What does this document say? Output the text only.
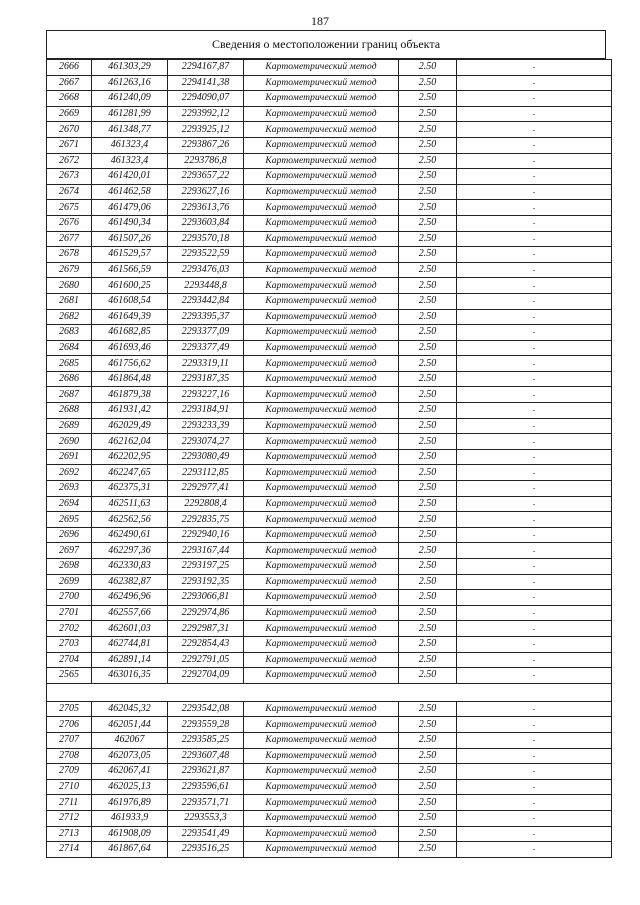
187
Сведения о местоположении границ объекта
2666	461303,29	2294167,87	Картометрический метод	2.50	-
2667	461263,16	2294141,38	Картометрический метод	2.50	-
2668	461240,09	2294090,07	Картометрический метод	2.50	-
2669	461281,99	2293992,12	Картометрический метод	2.50	-
2670	461348,77	2293925,12	Картометрический метод	2.50	-
2671	461323,4	2293867,26	Картометрический метод	2.50	-
2672	461323,4	2293786,8	Картометрический метод	2.50	-
2673	461420,01	2293657,22	Картометрический метод	2.50	-
2674	461462,58	2293627,16	Картометрический метод	2.50	-
2675	461479,06	2293613,76	Картометрический метод	2.50	-
2676	461490,34	2293603,84	Картометрический метод	2.50	-
2677	461507,26	2293570,18	Картометрический метод	2.50	-
2678	461529,57	2293522,59	Картометрический метод	2.50	-
2679	461566,59	2293476,03	Картометрический метод	2.50	-
2680	461600,25	2293448,8	Картометрический метод	2.50	-
2681	461608,54	2293442,84	Картометрический метод	2.50	-
2682	461649,39	2293395,37	Картометрический метод	2.50	-
2683	461682,85	2293377,09	Картометрический метод	2.50	-
2684	461693,46	2293377,49	Картометрический метод	2.50	-
2685	461756,62	2293319,11	Картометрический метод	2.50	-
2686	461864,48	2293187,35	Картометрический метод	2.50	-
2687	461879,38	2293227,16	Картометрический метод	2.50	-
2688	461931,42	2293184,91	Картометрический метод	2.50	-
2689	462029,49	2293233,39	Картометрический метод	2.50	-
2690	462162,04	2293074,27	Картометрический метод	2.50	-
2691	462202,95	2293080,49	Картометрический метод	2.50	-
2692	462247,65	2293112,85	Картометрический метод	2.50	-
2693	462375,31	2292977,41	Картометрический метод	2.50	-
2694	462511,63	2292808,4	Картометрический метод	2.50	-
2695	462562,56	2292835,75	Картометрический метод	2.50	-
2696	462490,61	2292940,16	Картометрический метод	2.50	-
2697	462297,36	2293167,44	Картометрический метод	2.50	-
2698	462330,83	2293197,25	Картометрический метод	2.50	-
2699	462382,87	2293192,35	Картометрический метод	2.50	-
2700	462496,96	2293066,81	Картометрический метод	2.50	-
2701	462557,66	2292974,86	Картометрический метод	2.50	-
2702	462601,03	2292987,31	Картометрический метод	2.50	-
2703	462744,81	2292854,43	Картометрический метод	2.50	-
2704	462891,14	2292791,05	Картометрический метод	2.50	-
2565	463016,35	2292704,09	Картометрический метод	2.50	-

2705	462045,32	2293542,08	Картометрический метод	2.50	-
2706	462051,44	2293559,28	Картометрический метод	2.50	-
2707	462067	2293585,25	Картометрический метод	2.50	-
2708	462073,05	2293607,48	Картометрический метод	2.50	-
2709	462067,41	2293621,87	Картометрический метод	2.50	-
2710	462025,13	2293596,61	Картометрический метод	2.50	-
2711	461976,89	2293571,71	Картометрический метод	2.50	-
2712	461933,9	2293553,3	Картометрический метод	2.50	-
2713	461908,09	2293541,49	Картометрический метод	2.50	-
2714	461867,64	2293516,25	Картометрический метод	2.50	-
